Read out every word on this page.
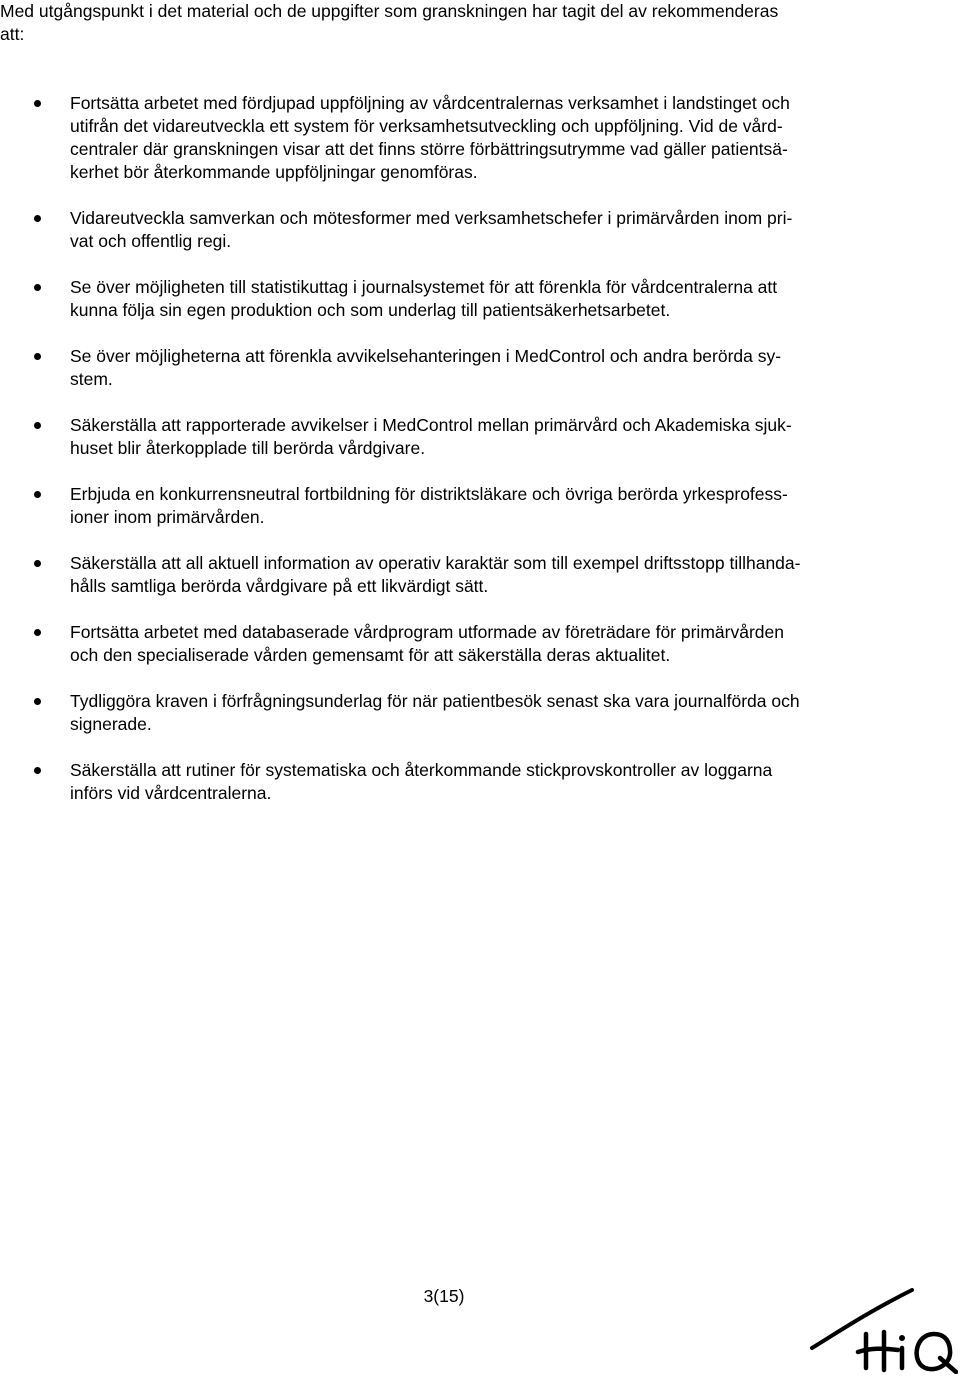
Med utgångspunkt i det material och de uppgifter som granskningen har tagit del av rekommenderas
att:

Fortsätta arbetet med fördjupad uppföljning av vårdcentralernas verksamhet i landstinget och
utifrån det vidareutveckla ett system för verksamhetsutveckling och uppföljning. Vid de vård-
centraler där granskningen visar att det finns större förbättringsutrymme vad gäller patientsä-
kerhet bör återkommande uppföljningar genomföras.
Vidareutveckla samverkan och mötesformer med verksamhetschefer i primärvården inom pri-
vat och offentlig regi.
Se över möjligheten till statistikuttag i journalsystemet för att förenkla för vårdcentralerna att
kunna följa sin egen produktion och som underlag till patientsäkerhetsarbetet.
Se över möjligheterna att förenkla avvikelsehanteringen i MedControl och andra berörda sy-
stem.
Säkerställa att rapporterade avvikelser i MedControl mellan primärvård och Akademiska sjuk-
huset blir återkopplade till berörda vårdgivare.
Erbjuda en konkurrensneutral fortbildning för distriktsläkare och övriga berörda yrkesprofess-
ioner inom primärvården.
Säkerställa att all aktuell information av operativ karaktär som till exempel driftsstopp tillhanda-
hålls samtliga berörda vårdgivare på ett likvärdigt sätt.
Fortsätta arbetet med databaserade vårdprogram utformade av företrädare för primärvården
och den specialiserade vården gemensamt för att säkerställa deras aktualitet.
Tydliggöra kraven i förfrågningsunderlag för när patientbesök senast ska vara journalförda och
signerade.
Säkerställa att rutiner för systematiska och återkommande stickprovskontroller av loggarna
införs vid vårdcentralerna.
3(15)
